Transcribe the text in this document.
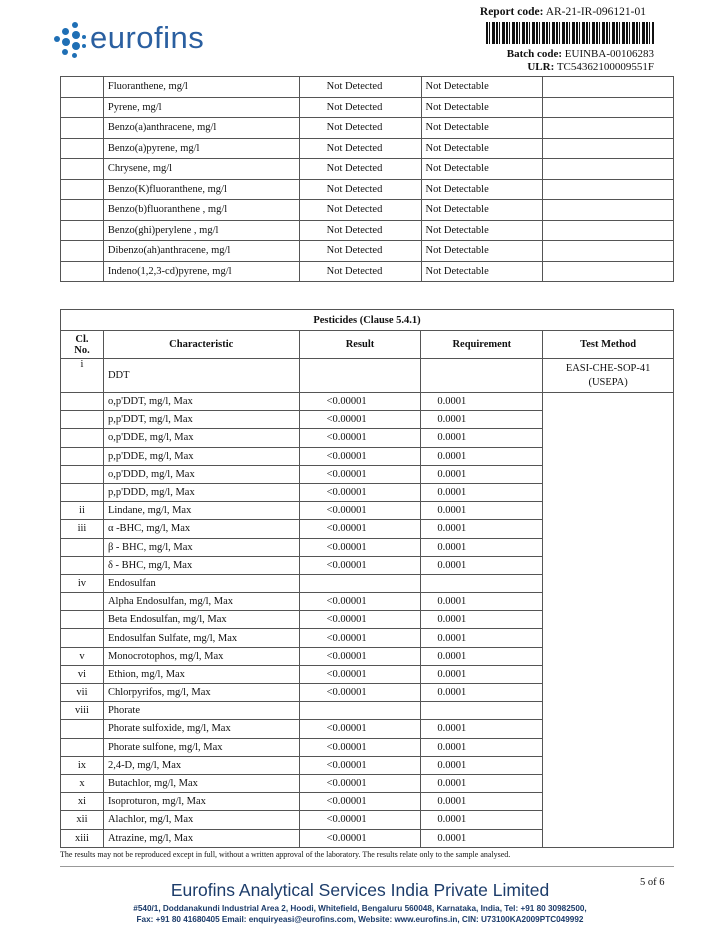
eurofins
Report code: AR-21-IR-096121-01
Batch code: EUINBA-00106283
ULR: TC54362100009551F
	Fluoranthene, mg/l	Not Detected	Not Detectable	
	Pyrene, mg/l	Not Detected	Not Detectable	
	Benzo(a)anthracene, mg/l	Not Detected	Not Detectable	
	Benzo(a)pyrene, mg/l	Not Detected	Not Detectable	
	Chrysene, mg/l	Not Detected	Not Detectable	
	Benzo(K)fluoranthene, mg/l	Not Detected	Not Detectable	
	Benzo(b)fluoranthene , mg/l	Not Detected	Not Detectable	
	Benzo(ghi)perylene , mg/l	Not Detected	Not Detectable	
	Dibenzo(ah)anthracene, mg/l	Not Detected	Not Detectable	
	Indeno(1,2,3-cd)pyrene, mg/l	Not Detected	Not Detectable	
Pesticides (Clause 5.4.1)				
Cl.
No.	Characteristic	Result	Requirement	Test Method
i	DDT			EASI-CHE-SOP-41
(USEPA)
	o,p'DDT, mg/l, Max	<0.00001	0.0001	
	p,p'DDT, mg/l, Max	<0.00001	0.0001	
	o,p'DDE, mg/l, Max	<0.00001	0.0001	
	p,p'DDE, mg/l, Max	<0.00001	0.0001	
	o,p'DDD, mg/l, Max	<0.00001	0.0001	
	p,p'DDD, mg/l, Max	<0.00001	0.0001	
ii	Lindane, mg/l, Max	<0.00001	0.0001	
iii	α -BHC, mg/l, Max	<0.00001	0.0001	
	β - BHC, mg/l, Max	<0.00001	0.0001	
	δ - BHC, mg/l, Max	<0.00001	0.0001	
iv	Endosulfan			
	Alpha Endosulfan, mg/l, Max	<0.00001	0.0001	
	Beta Endosulfan, mg/l, Max	<0.00001	0.0001	
	Endosulfan Sulfate, mg/l, Max	<0.00001	0.0001	
v	Monocrotophos, mg/l, Max	<0.00001	0.0001	
vi	Ethion, mg/l, Max	<0.00001	0.0001	
vii	Chlorpyrifos, mg/l, Max	<0.00001	0.0001	
viii	Phorate			
	Phorate sulfoxide, mg/l, Max	<0.00001	0.0001	
	Phorate sulfone, mg/l, Max	<0.00001	0.0001	
ix	2,4-D, mg/l, Max	<0.00001	0.0001	
x	Butachlor, mg/l, Max	<0.00001	0.0001	
xi	Isoproturon, mg/l, Max	<0.00001	0.0001	
xii	Alachlor, mg/l, Max	<0.00001	0.0001	
xiii	Atrazine, mg/l, Max	<0.00001	0.0001	
The results may not be reproduced except in full, without a written approval of the laboratory. The results relate only to the sample analysed.
5 of 6
Eurofins Analytical Services India Private Limited
#540/1, Doddanakundi Industrial Area 2, Hoodi, Whitefield, Bengaluru 560048, Karnataka, India, Tel: +91 80 30982500,
Fax: +91 80 41680405 Email: enquiryeasi@eurofins.com, Website: www.eurofins.in, CIN: U73100KA2009PTC049992
